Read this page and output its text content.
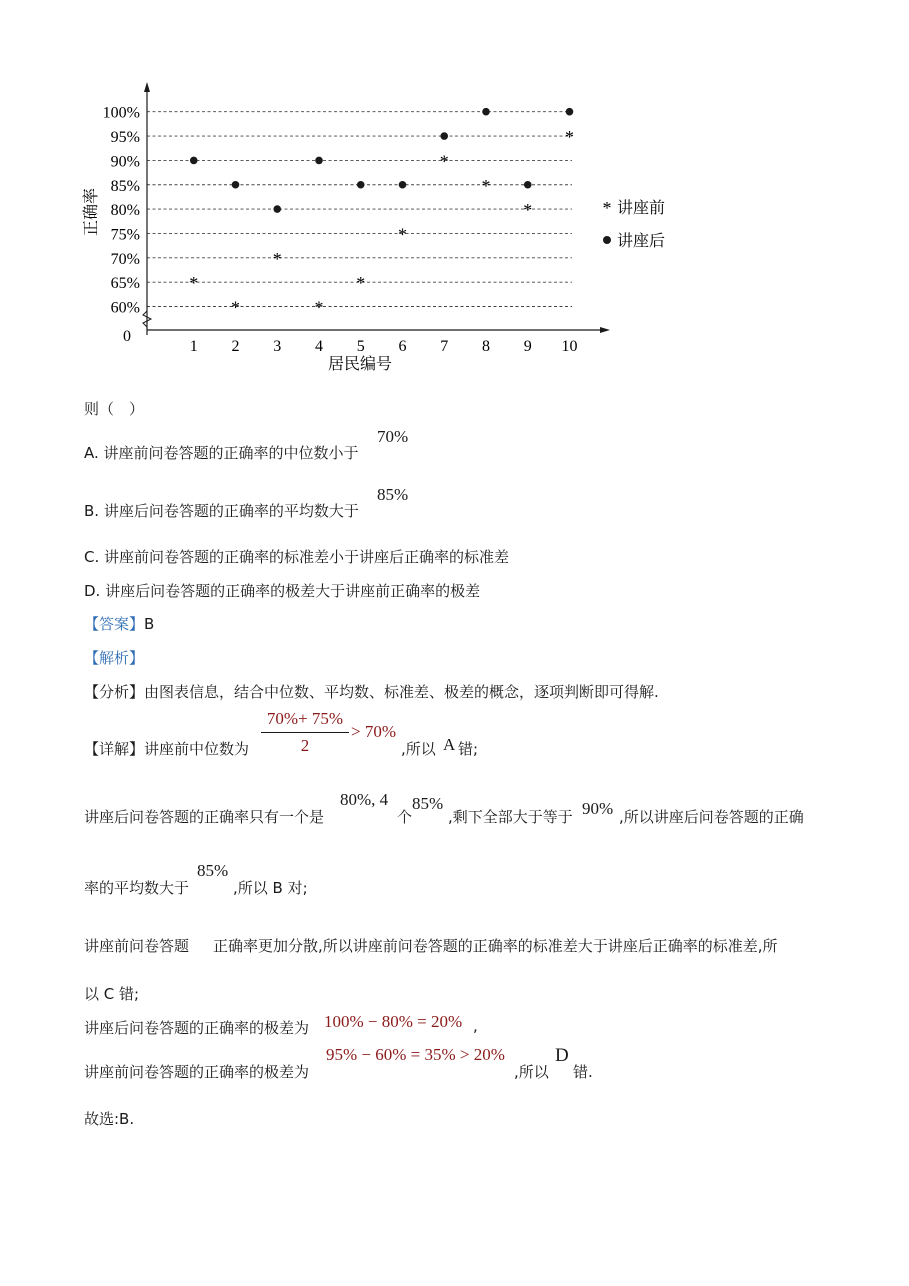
0
正确率
居民编号
60%
65%
70%
75%
80%
85%
90%
95%
100%
1 2 3 4 5 6 7 8 9 10
*
*
*
*
*
*
*
*
*
*
* 讲座前
讲座后
则（　）
A. 讲座前问卷答题的正确率的中位数小于
70%
B. 讲座后问卷答题的正确率的平均数大于
85%
C. 讲座前问卷答题的正确率的标准差小于讲座后正确率的标准差
D. 讲座后问卷答题的正确率的极差大于讲座前正确率的极差
【答案】B
【解析】
【分析】由图表信息，结合中位数、平均数、标准差、极差的概念，逐项判断即可得解.
【详解】讲座前中位数为
70%+ 75%
2
> 70%
,所以 A 错;
讲座后问卷答题的正确率只有一个是
80%, 4
个
85%
,剩下全部大于等于 90% ,所以讲座后问卷答题的正确
率的平均数大于
85%
,所以 B 对;
讲座前问卷答题 正确率更加分散,所以讲座前问卷答题的正确率的标准差大于讲座后正确率的标准差,所
以 C 错;
讲座后问卷答题的正确率的极差为 100% − 80% = 20% ,
讲座前问卷答题的正确率的极差为
95% − 60% = 35% > 20%
,所以
D
错.
故选:B.
